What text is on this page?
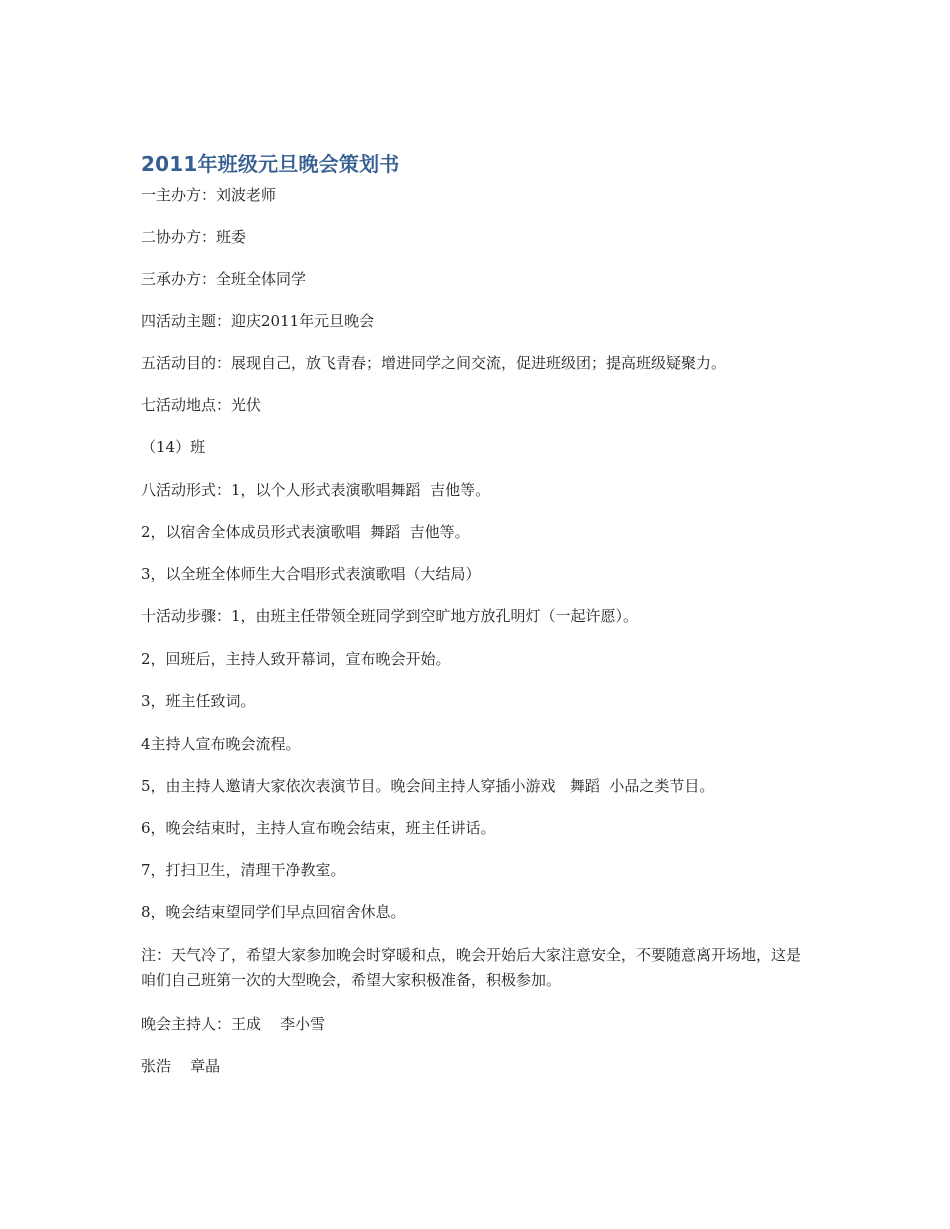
2011年班级元旦晚会策划书

一主办方：刘波老师

二协办方：班委

三承办方：全班全体同学

四活动主题：迎庆2011年元旦晚会

五活动目的：展现自己，放飞青春；增进同学之间交流，促进班级团；提高班级疑聚力。

七活动地点：光伏

（14）班

八活动形式：1，以个人形式表演歌唱舞蹈  吉他等。

2，以宿舍全体成员形式表演歌唱  舞蹈  吉他等。

3，以全班全体师生大合唱形式表演歌唱（大结局）

十活动步骤：1，由班主任带领全班同学到空旷地方放孔明灯（一起许愿）。

2，回班后，主持人致开幕词，宣布晚会开始。

3，班主任致词。

4主持人宣布晚会流程。

5，由主持人邀请大家依次表演节目。晚会间主持人穿插小游戏   舞蹈  小品之类节目。

6，晚会结束时，主持人宣布晚会结束，班主任讲话。

7，打扫卫生，清理干净教室。

8，晚会结束望同学们早点回宿舍休息。

注：天气冷了，希望大家参加晚会时穿暖和点，晚会开始后大家注意安全，不要随意离开场地，这是咱们自己班第一次的大型晚会，希望大家积极准备，积极参加。

晚会主持人：王成    李小雪

张浩    章晶
